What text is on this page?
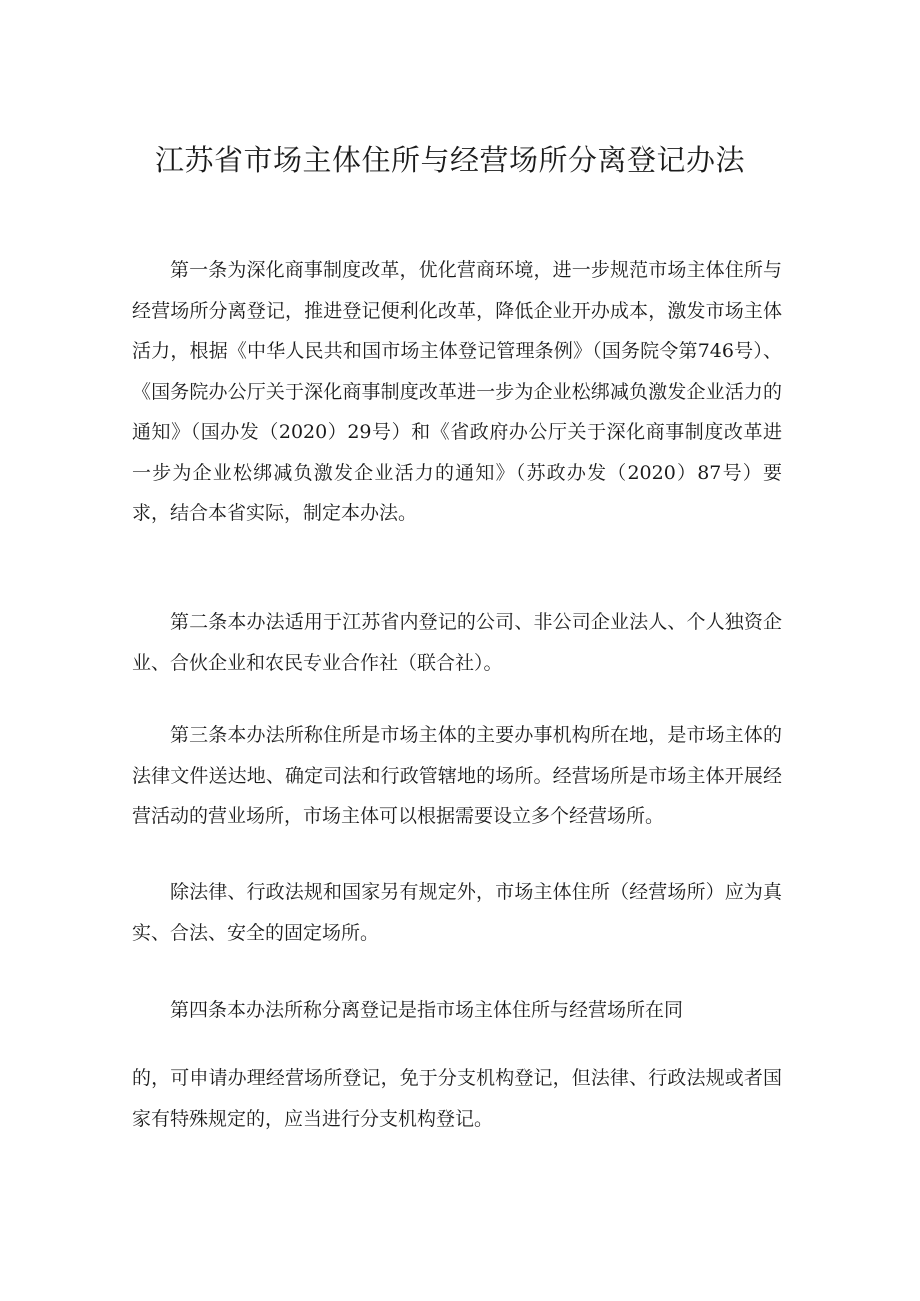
江苏省市场主体住所与经营场所分离登记办法

第一条为深化商事制度改革，优化营商环境，进一步规范市场主体住所与经营场所分离登记，推进登记便利化改革，降低企业开办成本，激发市场主体活力，根据《中华人民共和国市场主体登记管理条例》（国务院令第746号）、《国务院办公厅关于深化商事制度改革进一步为企业松绑减负激发企业活力的通知》（国办发（2020）29号）和《省政府办公厅关于深化商事制度改革进一步为企业松绑减负激发企业活力的通知》（苏政办发（2020）87号）要求，结合本省实际，制定本办法。

第二条本办法适用于江苏省内登记的公司、非公司企业法人、个人独资企业、合伙企业和农民专业合作社（联合社）。

第三条本办法所称住所是市场主体的主要办事机构所在地，是市场主体的法律文件送达地、确定司法和行政管辖地的场所。经营场所是市场主体开展经营活动的营业场所，市场主体可以根据需要设立多个经营场所。

除法律、行政法规和国家另有规定外，市场主体住所（经营场所）应为真实、合法、安全的固定场所。

第四条本办法所称分离登记是指市场主体住所与经营场所在同

的，可申请办理经营场所登记，免于分支机构登记，但法律、行政法规或者国家有特殊规定的，应当进行分支机构登记。
